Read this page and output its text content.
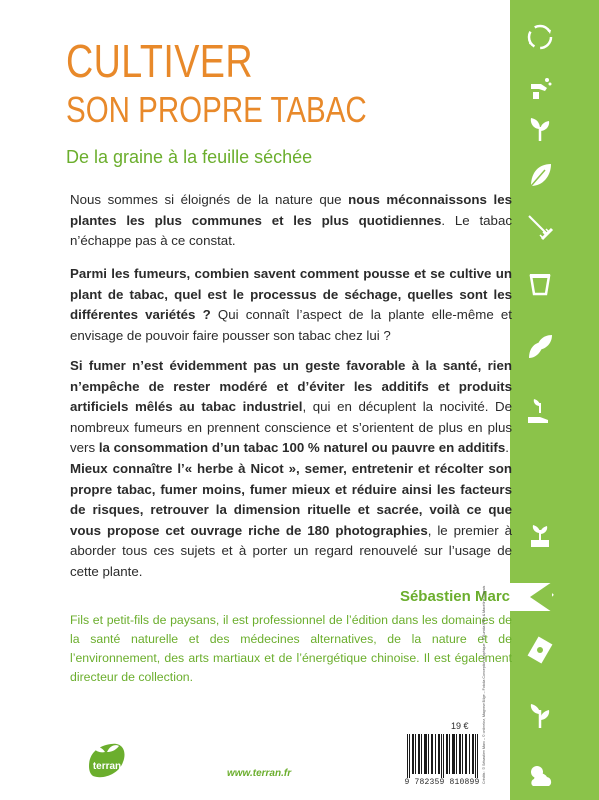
CULTIVER
SON PROPRE TABAC
De la graine à la feuille séchée

Nous sommes si éloignés de la nature que nous méconnaissons les plantes les plus communes et les plus quotidiennes. Le tabac n’échappe pas à ce constat.

Parmi les fumeurs, combien savent comment pousse et se cultive un plant de tabac, quel est le processus de séchage, quelles sont les différentes variétés ? Qui connaît l’aspect de la plante elle-même et envisage de pouvoir faire pousser son tabac chez lui ?

Si fumer n’est évidemment pas un geste favorable à la santé, rien n’empêche de rester modéré et d’éviter les additifs et produits artificiels mêlés au tabac industriel, qui en décuplent la nocivité. De nombreux fumeurs en prennent conscience et s’orientent de plus en plus vers la consommation d’un tabac 100 % naturel ou pauvre en additifs.

Mieux connaître l’« herbe à Nicot », semer, entretenir et récolter son propre tabac, fumer moins, fumer mieux et réduire ainsi les facteurs de risques, retrouver la dimension rituelle et sacrée, voilà ce que vous propose cet ouvrage riche de 180 photographies, le premier à aborder tous ces sujets et à porter un regard renouvelé sur l’usage de cette plante.

Sébastien Marc

Fils et petit-fils de paysans, il est professionnel de l’édition dans les domaines de la santé naturelle et des médecines alternatives, de la nature et de l’environnement, des arts martiaux et de l’énergétique chinoise. Il est également directeur de collection.

terran
www.terran.fr
19 €
9 782359 810899 Crédits : © Sébastien Marc – © onlinekrz, Magnew Bilge – Fotolia Conception graphique : © Bunida Pillis & Macéline Clayais
